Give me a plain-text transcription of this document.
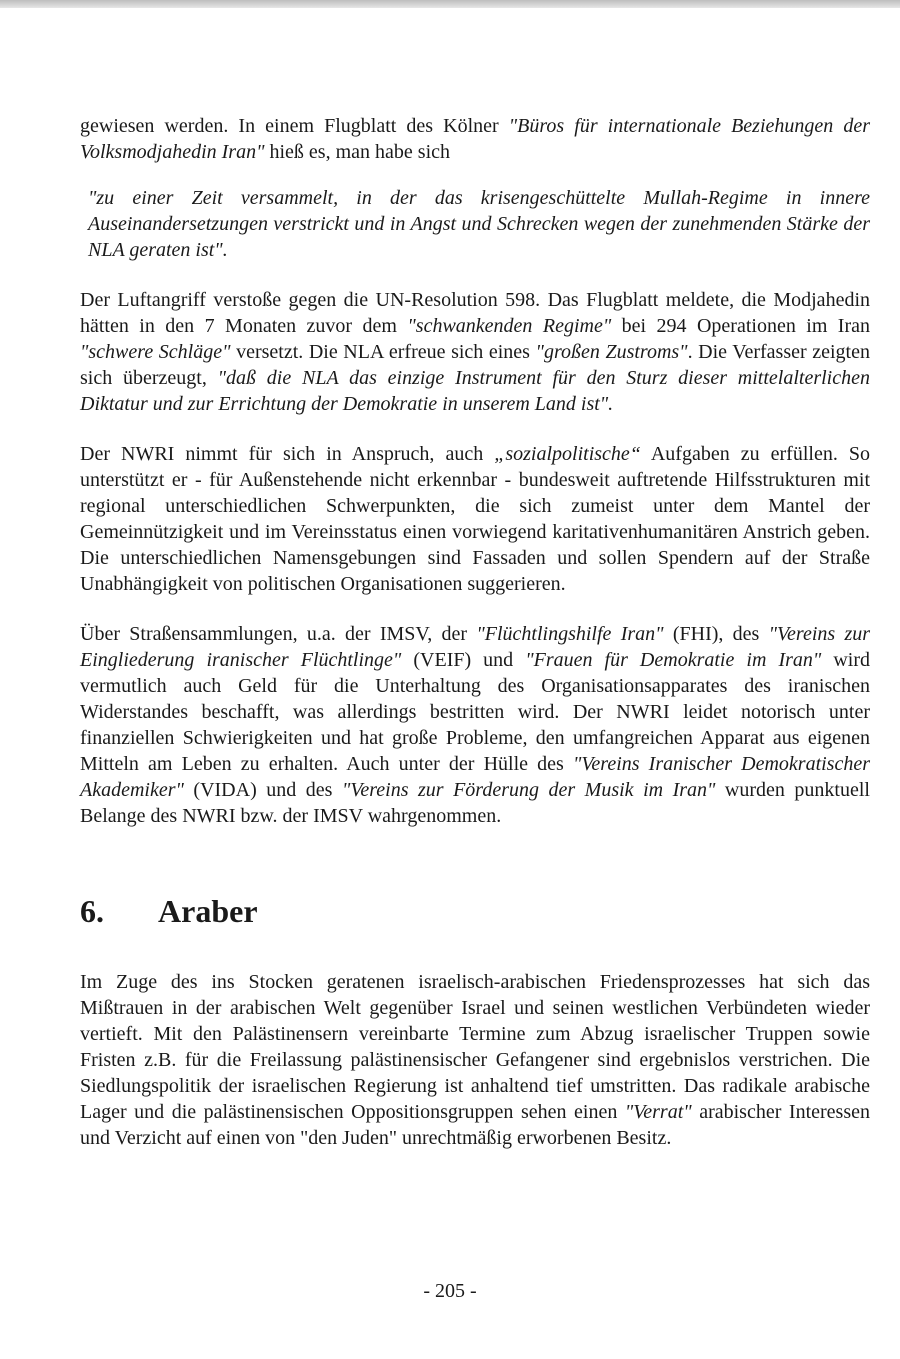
gewiesen werden. In einem Flugblatt des Kölner "Büros für internationale Beziehungen der Volksmodjahedin Iran" hieß es, man habe sich

"zu einer Zeit versammelt, in der das krisengeschüttelte Mullah-Regime in innere Auseinandersetzungen verstrickt und in Angst und Schrecken wegen der zunehmenden Stärke der NLA geraten ist".

Der Luftangriff verstoße gegen die UN-Resolution 598. Das Flugblatt meldete, die Modjahedin hätten in den 7 Monaten zuvor dem "schwankenden Regime" bei 294 Operationen im Iran "schwere Schläge" versetzt. Die NLA erfreue sich eines "großen Zustroms". Die Verfasser zeigten sich überzeugt, "daß die NLA das einzige Instrument für den Sturz dieser mittelalterlichen Diktatur und zur Errichtung der Demokratie in unserem Land ist".

Der NWRI nimmt für sich in Anspruch, auch „sozialpolitische“ Aufgaben zu erfüllen. So unterstützt er - für Außenstehende nicht erkennbar - bundesweit auftretende Hilfsstrukturen mit regional unterschiedlichen Schwerpunkten, die sich zumeist unter dem Mantel der Gemeinnützigkeit und im Vereinsstatus einen vorwiegend karitativenhumanitären Anstrich geben. Die unterschiedlichen Namensgebungen sind Fassaden und sollen Spendern auf der Straße Unabhängigkeit von politischen Organisationen suggerieren.

Über Straßensammlungen, u.a. der IMSV, der "Flüchtlingshilfe Iran" (FHI), des "Vereins zur Eingliederung iranischer Flüchtlinge" (VEIF) und "Frauen für Demokratie im Iran" wird vermutlich auch Geld für die Unterhaltung des Organisationsapparates des iranischen Widerstandes beschafft, was allerdings bestritten wird. Der NWRI leidet notorisch unter finanziellen Schwierigkeiten und hat große Probleme, den umfangreichen Apparat aus eigenen Mitteln am Leben zu erhalten. Auch unter der Hülle des "Vereins Iranischer Demokratischer Akademiker" (VIDA) und des "Vereins zur Förderung der Musik im Iran" wurden punktuell Belange des NWRI bzw. der IMSV wahrgenommen.

6. Araber

Im Zuge des ins Stocken geratenen israelisch-arabischen Friedensprozesses hat sich das Mißtrauen in der arabischen Welt gegenüber Israel und seinen westlichen Verbündeten wieder vertieft. Mit den Palästinensern vereinbarte Termine zum Abzug israelischer Truppen sowie Fristen z.B. für die Freilassung palästinensischer Gefangener sind ergebnislos verstrichen. Die Siedlungspolitik der israelischen Regierung ist anhaltend tief umstritten. Das radikale arabische Lager und die palästinensischen Oppositionsgruppen sehen einen "Verrat" arabischer Interessen und Verzicht auf einen von "den Juden" unrechtmäßig erworbenen Besitz.

- 205 -
